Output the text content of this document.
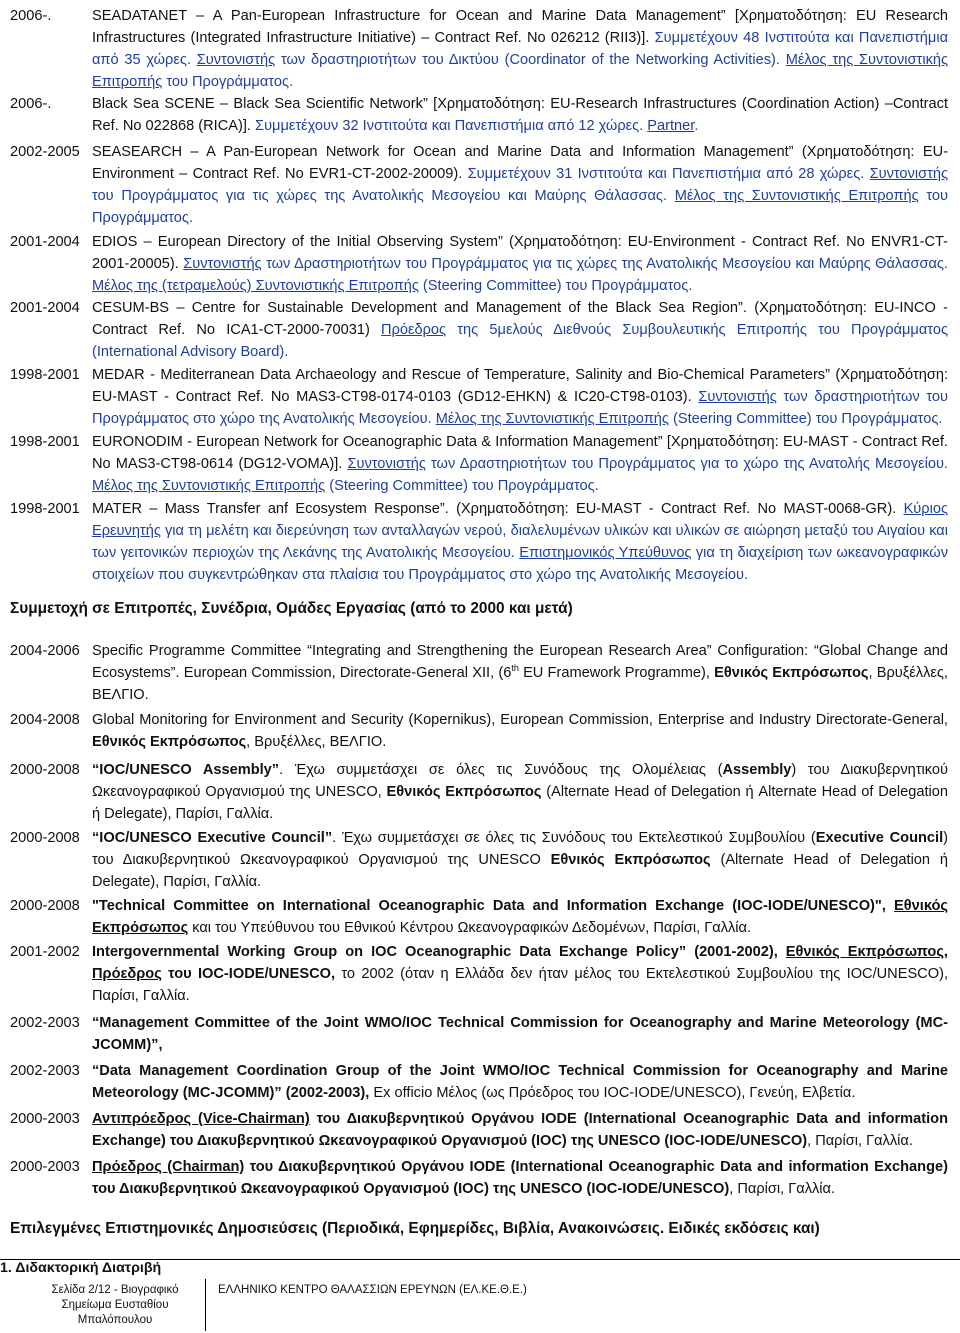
2006-.	SEADATANET – A Pan-European Infrastructure for Ocean and Marine Data Management” [Χρηματοδότηση: EU Research Infrastructures (Integrated Infrastructure Initiative) – Contract Ref. No 026212 (RII3)]. Συμμετέχουν 48 Ινστιτούτα και Πανεπιστήμια από 35 χώρες. Συντονιστής των δραστηριοτήτων του Δικτύου (Coordinator of the Networking Activities). Μέλος της Συντονιστικής Επιτροπής του Προγράμματος.
2006-.	Black Sea SCENE – Black Sea Scientific Network” [Χρηματοδότηση: EU-Research Infrastructures (Coordination Action) –Contract Ref. No 022868 (RICA)]. Συμμετέχουν 32 Ινστιτούτα και Πανεπιστήμια από 12 χώρες. Partner.
2002-2005 SEASEARCH – A Pan-European Network for Ocean and Marine Data and Information Management” (Χρηματοδότηση: EU-Environment – Contract Ref. No EVR1-CT-2002-20009). Συμμετέχουν 31 Ινστιτούτα και Πανεπιστήμια από 28 χώρες. Συντονιστής του Προγράμματος για τις χώρες της Ανατολικής Μεσογείου και Μαύρης Θάλασσας. Μέλος της Συντονιστικής Επιτροπής του Προγράμματος.
2001-2004 EDIOS – European Directory of the Initial Observing System” (Χρηματοδότηση: EU-Environment - Contract Ref. No ENVR1-CT-2001-20005). Συντονιστής των Δραστηριοτήτων του Προγράμματος για τις χώρες της Ανατολικής Μεσογείου και Μαύρης Θάλασσας. Μέλος της (τετραμελούς) Συντονιστικής Επιτροπής (Steering Committee) του Προγράμματος.
2001-2004 CESUM-BS – Centre for Sustainable Development and Management of the Black Sea Region”. (Χρηματοδότηση: EU-INCO - Contract Ref. No ICA1-CT-2000-70031) Πρόεδρος της 5μελούς Διεθνούς Συμβουλευτικής Επιτροπής του Προγράμματος (International Advisory Board).
1998-2001 MEDAR - Mediterranean Data Archaeology and Rescue of Temperature, Salinity and Bio-Chemical Parameters” (Χρηματοδότηση: EU-MAST - Contract Ref. No MAS3-CT98-0174-0103 (GD12-EHKN) & IC20-CT98-0103). Συντονιστής των δραστηριοτήτων του Προγράμματος στο χώρο της Ανατολικής Μεσογείου. Μέλος της Συντονιστικής Επιτροπής (Steering Committee) του Προγράμματος.
1998-2001 EURONODIM - European Network for Oceanographic Data & Information Management” [Χρηματοδότηση: EU-MAST - Contract Ref. No MAS3-CT98-0614 (DG12-VOMA)]. Συντονιστής των Δραστηριοτήτων του Προγράμματος για το χώρο της Ανατολής Μεσογείου. Μέλος της Συντονιστικής Επιτροπής (Steering Committee) του Προγράμματος.
1998-2001 MATER – Mass Transfer anf Ecosystem Response”. (Χρηματοδότηση: EU-MAST - Contract Ref. No MAST-0068-GR). Κύριος Ερευνητής για τη μελέτη και διερεύνηση των ανταλλαγών νερού, διαλελυμένων υλικών και υλικών σε αιώρηση μεταξύ του Αιγαίου και των γειτονικών περιοχών της Λεκάνης της Ανατολικής Μεσογείου. Επιστημονικός Υπεύθυνος για τη διαχείριση των ωκεανογραφικών στοιχείων που συγκεντρώθηκαν στα πλαίσια του Προγράμματος στο χώρο της Ανατολικής Μεσογείου.
Συμμετοχή σε Επιτροπές, Συνέδρια, Ομάδες Εργασίας (από το 2000 και μετά)
2004-2006 Specific Programme Committee “Integrating and Strengthening the European Research Area” Configuration: “Global Change and Ecosystems”. European Commission, Directorate-General XII, (6th EU Framework Programme), Εθνικός Εκπρόσωπος, Βρυξέλλες, ΒΕΛΓΙΟ.
2004-2008 Global Monitoring for Environment and Security (Kopernikus), European Commission, Enterprise and Industry Directorate-General, Εθνικός Εκπρόσωπος, Βρυξέλλες, ΒΕΛΓΙΟ.
2000-2008 “IOC/UNESCO Assembly”. Έχω συμμετάσχει σε όλες τις Συνόδους της Ολομέλειας (Assembly) του Διακυβερνητικού Ωκεανογραφικού Οργανισμού της UNESCO, Εθνικός Εκπρόσωπος (Alternate Head of Delegation ή Alternate Head of Delegation ή Delegate), Παρίσι, Γαλλία.
2000-2008 “IOC/UNESCO Executive Council”. Έχω συμμετάσχει σε όλες τις Συνόδους του Εκτελεστικού Συμβουλίου (Executive Council) του Διακυβερνητικού Ωκεανογραφικού Οργανισμού της UNESCO Εθνικός Εκπρόσωπος (Alternate Head of Delegation ή Delegate), Παρίσι, Γαλλία.
2000-2008 "Technical Committee on International Oceanographic Data and Information Exchange (IOC-IODE/UNESCO)", Εθνικός Εκπρόσωπος και του Υπεύθυνου του Εθνικού Κέντρου Ωκεανογραφικών Δεδομένων, Παρίσι, Γαλλία.
2001-2002 Intergovernmental Working Group on IOC Oceanographic Data Exchange Policy” (2001-2002), Εθνικός Εκπρόσωπος, Πρόεδρος του IOC-IODE/UNESCO, το 2002 (όταν η Ελλάδα δεν ήταν μέλος του Εκτελεστικού Συμβουλίου της IOC/UNESCO), Παρίσι, Γαλλία.
2002-2003 “Management Committee of the Joint WMO/IOC Technical Commission for Oceanography and Marine Meteorology (MC-JCOMM)”,
2002-2003 “Data Management Coordination Group of the Joint WMO/IOC Technical Commission for Oceanography and Marine Meteorology (MC-JCOMM)” (2002-2003), Ex officio Μέλος (ως Πρόεδρος του IOC-IODE/UNESCO), Γενεύη, Ελβετία.
2000-2003 Αντιπρόεδρος (Vice-Chairman) του Διακυβερνητικού Οργάνου IODE (International Oceanographic Data and information Exchange) του Διακυβερνητικού Ωκεανογραφικού Οργανισμού (IOC) της UNESCO (IOC-IODE/UNESCO), Παρίσι, Γαλλία.
2000-2003 Πρόεδρος (Chairman) του Διακυβερνητικού Οργάνου IODE (International Oceanographic Data and information Exchange) του Διακυβερνητικού Ωκεανογραφικού Οργανισμού (IOC) της UNESCO (IOC-IODE/UNESCO), Παρίσι, Γαλλία.
Επιλεγμένες Επιστημονικές Δημοσιεύσεις (Περιοδικά, Εφημερίδες, Βιβλία, Ανακοινώσεις. Ειδικές εκδόσεις και)
1. Διδακτορική Διατριβή
Σελίδα 2/12 - Βιογραφικό Σημείωμα Ευσταθίου Μπαλόπουλου
ΕΛΛΗΝΙΚΟ ΚΕΝΤΡΟ ΘΑΛΑΣΣΙΩΝ ΕΡΕΥΝΩΝ (ΕΛ.ΚΕ.Θ.Ε.)
